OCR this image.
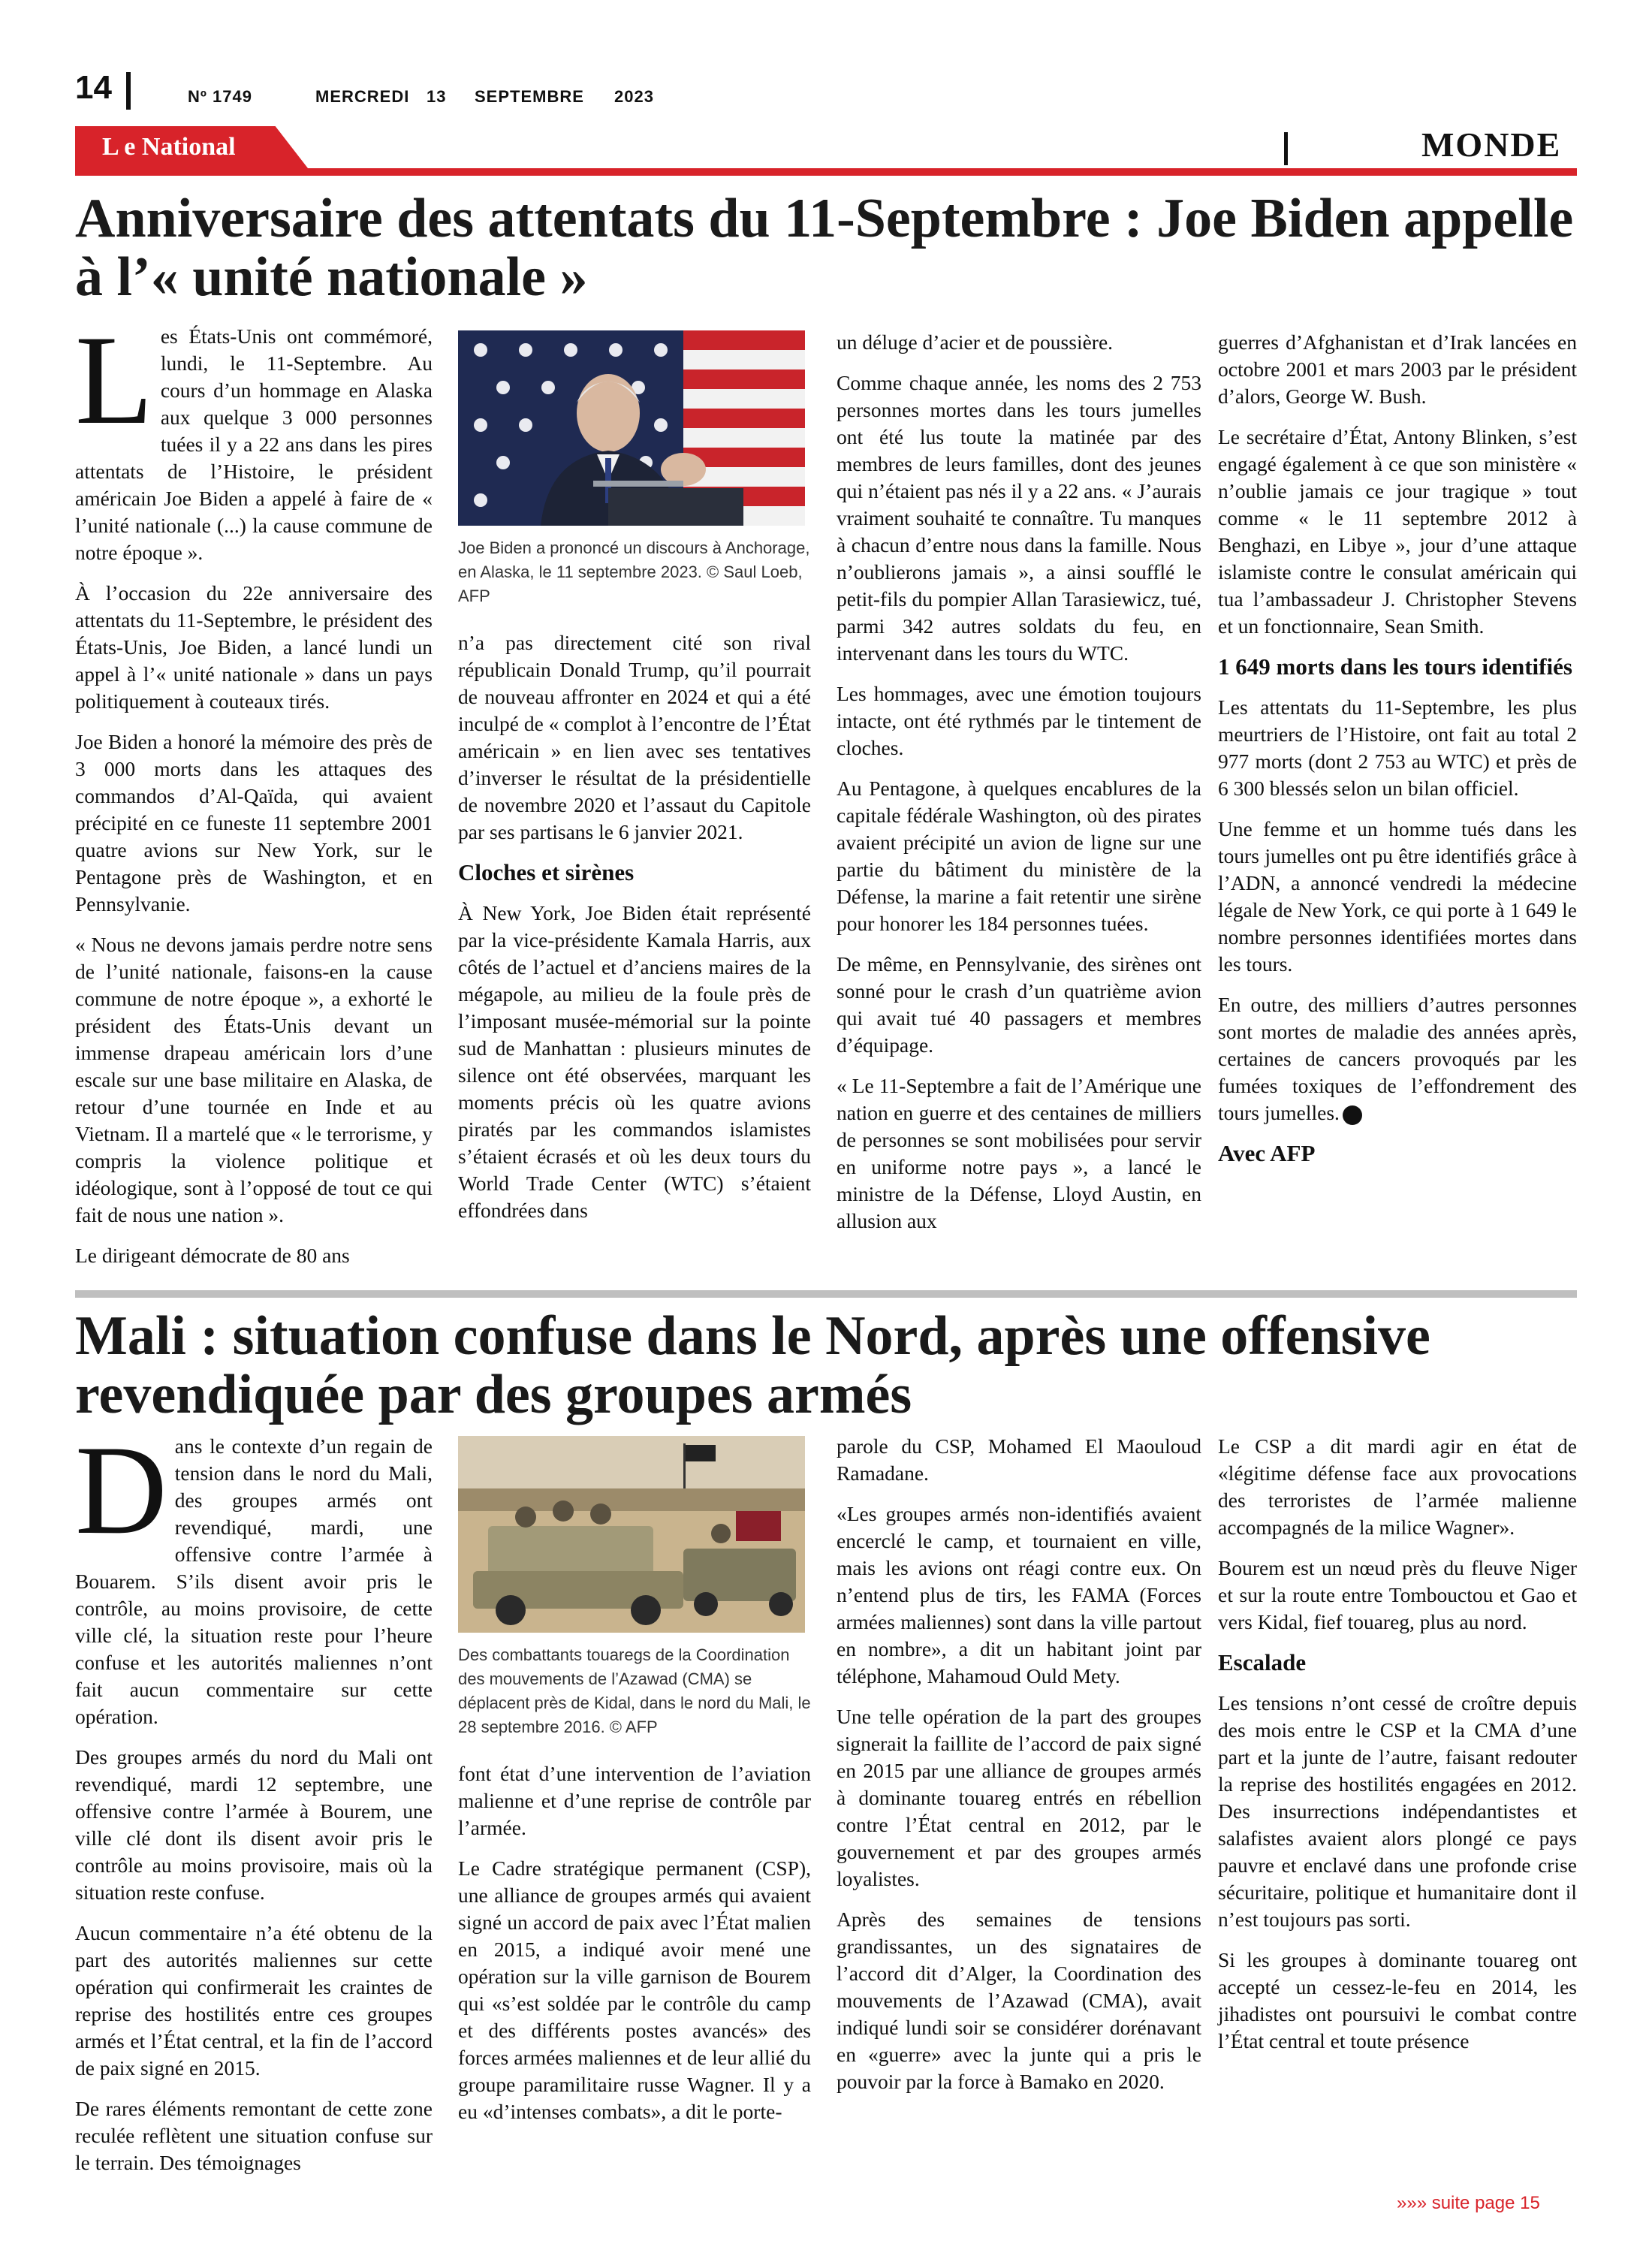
14	Nº 1749	MERCREDI 13 SEPTEMBRE 2023
L e National	MONDE
Anniversaire des attentats du 11-Septembre : Joe Biden appelle à l’« unité nationale »

Les États-Unis ont commémoré, lundi, le 11-Septembre. Au cours d’un hommage en Alaska aux quelque 3 000 personnes tuées il y a 22 ans dans les pires attentats de l’Histoire, le président américain Joe Biden a appelé à faire de « l’unité nationale (...) la cause commune de notre époque ».

À l’occasion du 22e anniversaire des attentats du 11-Septembre, le président des États-Unis, Joe Biden, a lancé lundi un appel à l’« unité nationale » dans un pays politiquement à couteaux tirés.

Joe Biden a honoré la mémoire des près de 3 000 morts dans les attaques des commandos d’Al-Qaïda, qui avaient précipité en ce funeste 11 septembre 2001 quatre avions sur New York, sur le Pentagone près de Washington, et en Pennsylvanie.

« Nous ne devons jamais perdre notre sens de l’unité nationale, faisons-en la cause commune de notre époque », a exhorté le président des États-Unis devant un immense drapeau américain lors d’une escale sur une base militaire en Alaska, de retour d’une tournée en Inde et au Vietnam. Il a martelé que « le terrorisme, y compris la violence politique et idéologique, sont à l’opposé de tout ce qui fait de nous une nation ».

Le dirigeant démocrate de 80 ans

Joe Biden a prononcé un discours à Anchorage, en Alaska, le 11 septembre 2023. © Saul Loeb, AFP

n’a pas directement cité son rival républicain Donald Trump, qu’il pourrait de nouveau affronter en 2024 et qui a été inculpé de « complot à l’encontre de l’État américain » en lien avec ses tentatives d’inverser le résultat de la présidentielle de novembre 2020 et l’assaut du Capitole par ses partisans le 6 janvier 2021.

Cloches et sirènes

À New York, Joe Biden était représenté par la vice-présidente Kamala Harris, aux côtés de l’actuel et d’anciens maires de la mégapole, au milieu de la foule près de l’imposant musée-mémorial sur la pointe sud de Manhattan : plusieurs minutes de silence ont été observées, marquant les moments précis où les quatre avions piratés par les commandos islamistes s’étaient écrasés et où les deux tours du World Trade Center (WTC) s’étaient effondrées dans

un déluge d’acier et de poussière.

Comme chaque année, les noms des 2 753 personnes mortes dans les tours jumelles ont été lus toute la matinée par des membres de leurs familles, dont des jeunes qui n’étaient pas nés il y a 22 ans. « J’aurais vraiment souhaité te connaître. Tu manques à chacun d’entre nous dans la famille. Nous n’oublierons jamais », a ainsi soufflé le petit-fils du pompier Allan Tarasiewicz, tué, parmi 342 autres soldats du feu, en intervenant dans les tours du WTC.

Les hommages, avec une émotion toujours intacte, ont été rythmés par le tintement de cloches.

Au Pentagone, à quelques encablures de la capitale fédérale Washington, où des pirates avaient précipité un avion de ligne sur une partie du bâtiment du ministère de la Défense, la marine a fait retentir une sirène pour honorer les 184 personnes tuées.

De même, en Pennsylvanie, des sirènes ont sonné pour le crash d’un quatrième avion qui avait tué 40 passagers et membres d’équipage.

« Le 11-Septembre a fait de l’Amérique une nation en guerre et des centaines de milliers de personnes se sont mobilisées pour servir en uniforme notre pays », a lancé le ministre de la Défense, Lloyd Austin, en allusion aux

guerres d’Afghanistan et d’Irak lancées en octobre 2001 et mars 2003 par le président d’alors, George W. Bush.

Le secrétaire d’État, Antony Blinken, s’est engagé également à ce que son ministère « n’oublie jamais ce jour tragique » tout comme « le 11 septembre 2012 à Benghazi, en Libye », jour d’une attaque islamiste contre le consulat américain qui tua l’ambassadeur J. Christopher Stevens et un fonctionnaire, Sean Smith.

1 649 morts dans les tours identifiés

Les attentats du 11-Septembre, les plus meurtriers de l’Histoire, ont fait au total 2 977 morts (dont 2 753 au WTC) et près de 6 300 blessés selon un bilan officiel.

Une femme et un homme tués dans les tours jumelles ont pu être identifiés grâce à l’ADN, a annoncé vendredi la médecine légale de New York, ce qui porte à 1 649 le nombre personnes identifiées mortes dans les tours.

En outre, des milliers d’autres personnes sont mortes de maladie des années après, certaines de cancers provoqués par les fumées toxiques de l’effondrement des tours jumelles.

Avec AFP
Mali : situation confuse dans le Nord, après une offensive revendiquée par des groupes armés

Dans le contexte d’un regain de tension dans le nord du Mali, des groupes armés ont revendiqué, mardi, une offensive contre l’armée à Bouarem. S’ils disent avoir pris le contrôle, au moins provisoire, de cette ville clé, la situation reste pour l’heure confuse et les autorités maliennes n’ont fait aucun commentaire sur cette opération.

Des groupes armés du nord du Mali ont revendiqué, mardi 12 septembre, une offensive contre l’armée à Bourem, une ville clé dont ils disent avoir pris le contrôle au moins provisoire, mais où la situation reste confuse.

Aucun commentaire n’a été obtenu de la part des autorités maliennes sur cette opération qui confirmerait les craintes de reprise des hostilités entre ces groupes armés et l’État central, et la fin de l’accord de paix signé en 2015.

De rares éléments remontant de cette zone reculée reflètent une situation confuse sur le terrain. Des témoignages

Des combattants touaregs de la Coordination des mouvements de l’Azawad (CMA) se déplacent près de Kidal, dans le nord du Mali, le 28 septembre 2016. © AFP

font état d’une intervention de l’aviation malienne et d’une reprise de contrôle par l’armée.

Le Cadre stratégique permanent (CSP), une alliance de groupes armés qui avaient signé un accord de paix avec l’État malien en 2015, a indiqué avoir mené une opération sur la ville garnison de Bourem qui «s’est soldée par le contrôle du camp et des différents postes avancés» des forces armées maliennes et de leur allié du groupe paramilitaire russe Wagner. Il y a eu «d’intenses combats», a dit le porte-

parole du CSP, Mohamed El Maouloud Ramadane.

«Les groupes armés non-identifiés avaient encerclé le camp, et tournaient en ville, mais les avions ont réagi contre eux. On n’entend plus de tirs, les FAMA (Forces armées maliennes) sont dans la ville partout en nombre», a dit un habitant joint par téléphone, Mahamoud Ould Mety.

Une telle opération de la part des groupes signerait la faillite de l’accord de paix signé en 2015 par une alliance de groupes armés à dominante touareg entrés en rébellion contre l’État central en 2012, par le gouvernement et par des groupes armés loyalistes.

Après des semaines de tensions grandissantes, un des signataires de l’accord dit d’Alger, la Coordination des mouvements de l’Azawad (CMA), avait indiqué lundi soir se considérer dorénavant en «guerre» avec la junte qui a pris le pouvoir par la force à Bamako en 2020.

Le CSP a dit mardi agir en état de «légitime défense face aux provocations des terroristes de l’armée malienne accompagnés de la milice Wagner».

Bourem est un nœud près du fleuve Niger et sur la route entre Tombouctou et Gao et vers Kidal, fief touareg, plus au nord.

Escalade

Les tensions n’ont cessé de croître depuis des mois entre le CSP et la CMA d’une part et la junte de l’autre, faisant redouter la reprise des hostilités engagées en 2012. Des insurrections indépendantistes et salafistes avaient alors plongé ce pays pauvre et enclavé dans une profonde crise sécuritaire, politique et humanitaire dont il n’est toujours pas sorti.

Si les groupes à dominante touareg ont accepté un cessez-le-feu en 2014, les jihadistes ont poursuivi le combat contre l’État central et toute présence

»»» suite page 15
